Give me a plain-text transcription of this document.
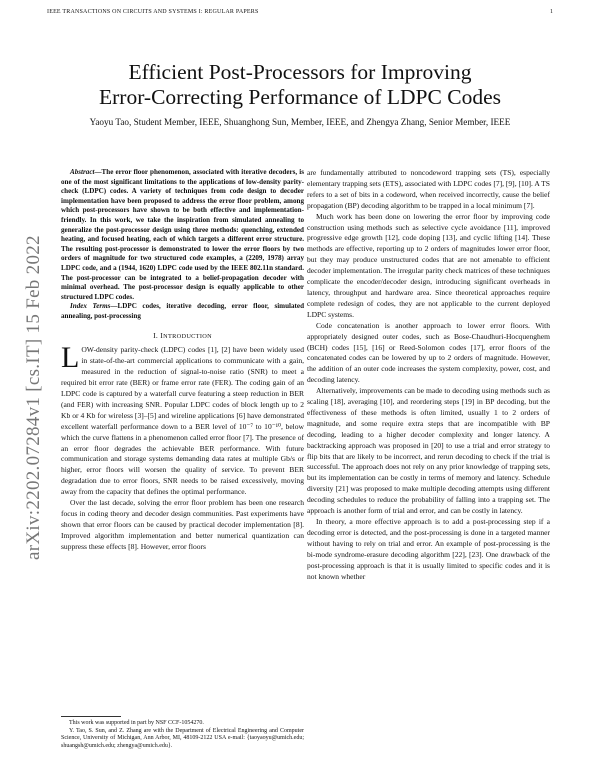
IEEE TRANSACTIONS ON CIRCUITS AND SYSTEMS I: REGULAR PAPERS	1
Efficient Post-Processors for Improving
Error-Correcting Performance of LDPC Codes
Yaoyu Tao, Student Member, IEEE, Shuanghong Sun, Member, IEEE, and Zhengya Zhang, Senior Member, IEEE
arXiv:2202.07284v1 [cs.IT] 15 Feb 2022

Abstract—The error floor phenomenon, associated with iterative decoders, is one of the most significant limitations to the applications of low-density parity-check (LDPC) codes. A variety of techniques from code design to decoder implementation have been proposed to address the error floor problem, among which post-processors have shown to be both effective and implementation-friendly. In this work, we take the inspiration from simulated annealing to generalize the post-processor design using three methods: quenching, extended heating, and focused heating, each of which targets a different error structure. The resulting post-processor is demonstrated to lower the error floors by two orders of magnitude for two structured code examples, a (2209, 1978) array LDPC code, and a (1944, 1620) LDPC code used by the IEEE 802.11n standard. The post-processor can be integrated to a belief-propagation decoder with minimal overhead. The post-processor design is equally applicable to other structured LDPC codes.

Index Terms—LDPC codes, iterative decoding, error floor, simulated annealing, post-processing

I. INTRODUCTION

LOW-density parity-check (LDPC) codes [1], [2] have been widely used in state-of-the-art commercial applications to communicate with a gain, measured in the reduction of signal-to-noise ratio (SNR) to meet a required bit error rate (BER) or frame error rate (FER). The coding gain of an LDPC code is captured by a waterfall curve featuring a steep reduction in BER (and FER) with increasing SNR. Popular LDPC codes of block length up to 2 Kb or 4 Kb for wireless [3]–[5] and wireline applications [6] have demonstrated excellent waterfall performance down to a BER level of 10⁻⁷ to 10⁻¹⁰, below which the curve flattens in a phenomenon called error floor [7]. The presence of an error floor degrades the achievable BER performance. With future communication and storage systems demanding data rates at multiple Gb/s or higher, error floors will worsen the quality of service. To prevent BER degradation due to error floors, SNR needs to be raised excessively, moving away from the capacity that defines the optimal performance.

Over the last decade, solving the error floor problem has been one research focus in coding theory and decoder design communities. Past experiments have shown that error floors can be caused by practical decoder implementation [8]. Improved algorithm implementation and better numerical quantization can suppress these effects [8]. However, error floors

This work was supported in part by NSF CCF-1054270.

Y. Tao, S. Sun, and Z. Zhang are with the Department of Electrical Engineering and Computer Science, University of Michigan, Ann Arbor, MI, 48109-2122 USA e-mail: {taoyaoyu@umich.edu; shuangsh@umich.edu; zhengya@umich.edu}.

are fundamentally attributed to noncodeword trapping sets (TS), especially elementary trapping sets (ETS), associated with LDPC codes [7], [9], [10]. A TS refers to a set of bits in a codeword, when received incorrectly, cause the belief propagation (BP) decoding algorithm to be trapped in a local minimum [7].

Much work has been done on lowering the error floor by improving code construction using methods such as selective cycle avoidance [11], improved progressive edge growth [12], code doping [13], and cyclic lifting [14]. These methods are effective, reporting up to 2 orders of magnitudes lower error floor, but they may produce unstructured codes that are not amenable to efficient decoder implementation. The irregular parity check matrices of these techniques complicate the encoder/decoder design, introducing significant overheads in latency, throughput and hardware area. Since theoretical approaches require complete redesign of codes, they are not applicable to the current deployed LDPC systems.

Code concatenation is another approach to lower error floors. With appropriately designed outer codes, such as Bose-Chaudhuri-Hocquenghem (BCH) codes [15], [16] or Reed-Solomon codes [17], error floors of the concatenated codes can be lowered by up to 2 orders of magnitude. However, the addition of an outer code increases the system complexity, power, cost, and decoding latency.

Alternatively, improvements can be made to decoding using methods such as scaling [18], averaging [10], and reordering steps [19] in BP decoding, but the effectiveness of these methods is often limited, usually 1 to 2 orders of magnitude, and some require extra steps that are incompatible with BP decoding, leading to a higher decoder complexity and longer latency. A backtracking approach was proposed in [20] to use a trial and error strategy to flip bits that are likely to be incorrect, and rerun decoding to check if the trial is successful. The approach does not rely on any prior knowledge of trapping sets, but its implementation can be costly in terms of memory and latency. Schedule diversity [21] was proposed to make multiple decoding attempts using different decoding schedules to reduce the probability of falling into a trapping set. The approach is another form of trial and error, and can be costly in latency.

In theory, a more effective approach is to add a post-processing step if a decoding error is detected, and the post-processing is done in a targeted manner without having to rely on trial and error. An example of post-processing is the bi-mode syndrome-erasure decoding algorithm [22], [23]. One drawback of the post-processing approach is that it is usually limited to specific codes and it is not known whether
